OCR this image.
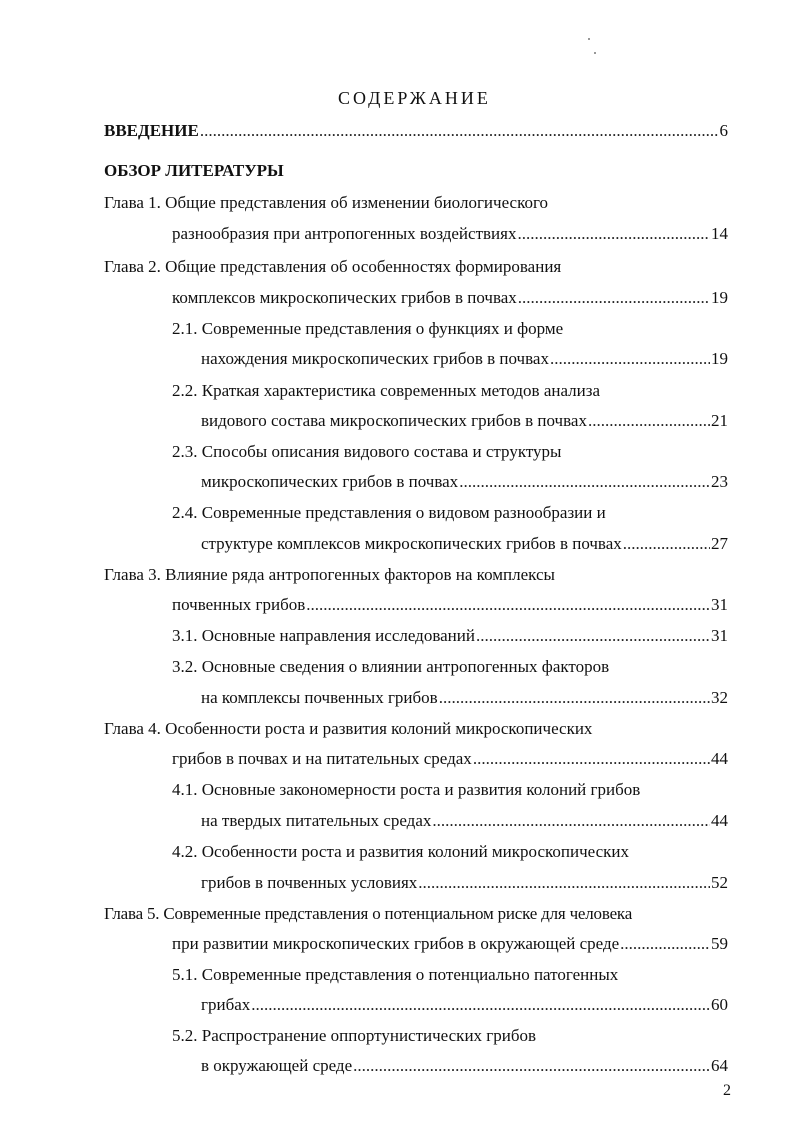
СОДЕРЖАНИЕ
ВВЕДЕНИЕ .....	6
ОБЗОР ЛИТЕРАТУРЫ
Глава 1. Общие представления об изменении биологического
разнообразия при антропогенных воздействиях .....	14
Глава 2. Общие представления об особенностях формирования
комплексов микроскопических грибов в почвах .....	19
2.1. Современные представления о функциях и форме
нахождения микроскопических грибов в почвах .....	19
2.2. Краткая характеристика современных методов анализа
видового состава микроскопических грибов в почвах .....	21
2.3. Способы описания видового состава и структуры
микроскопических грибов в почвах .....	23
2.4. Современные представления о видовом разнообразии и
структуре комплексов микроскопических грибов в почвах .....	27
Глава 3. Влияние ряда антропогенных факторов на комплексы
почвенных грибов .....	31
3.1. Основные направления исследований .....	31
3.2. Основные сведения о влиянии антропогенных факторов
на комплексы почвенных грибов .....	32
Глава 4. Особенности роста и развития колоний микроскопических
грибов в почвах и на питательных средах .....	44
4.1. Основные закономерности роста и развития колоний грибов
на твердых питательных средах .....	44
4.2. Особенности роста и развития колоний микроскопических
грибов в почвенных условиях .....	52
Глава 5. Современные представления о потенциальном риске для человека
при развитии микроскопических грибов в окружающей среде .....	59
5.1. Современные представления о потенциально патогенных
грибах .....	60
5.2. Распространение оппортунистических грибов
в окружающей среде .....	64
2
